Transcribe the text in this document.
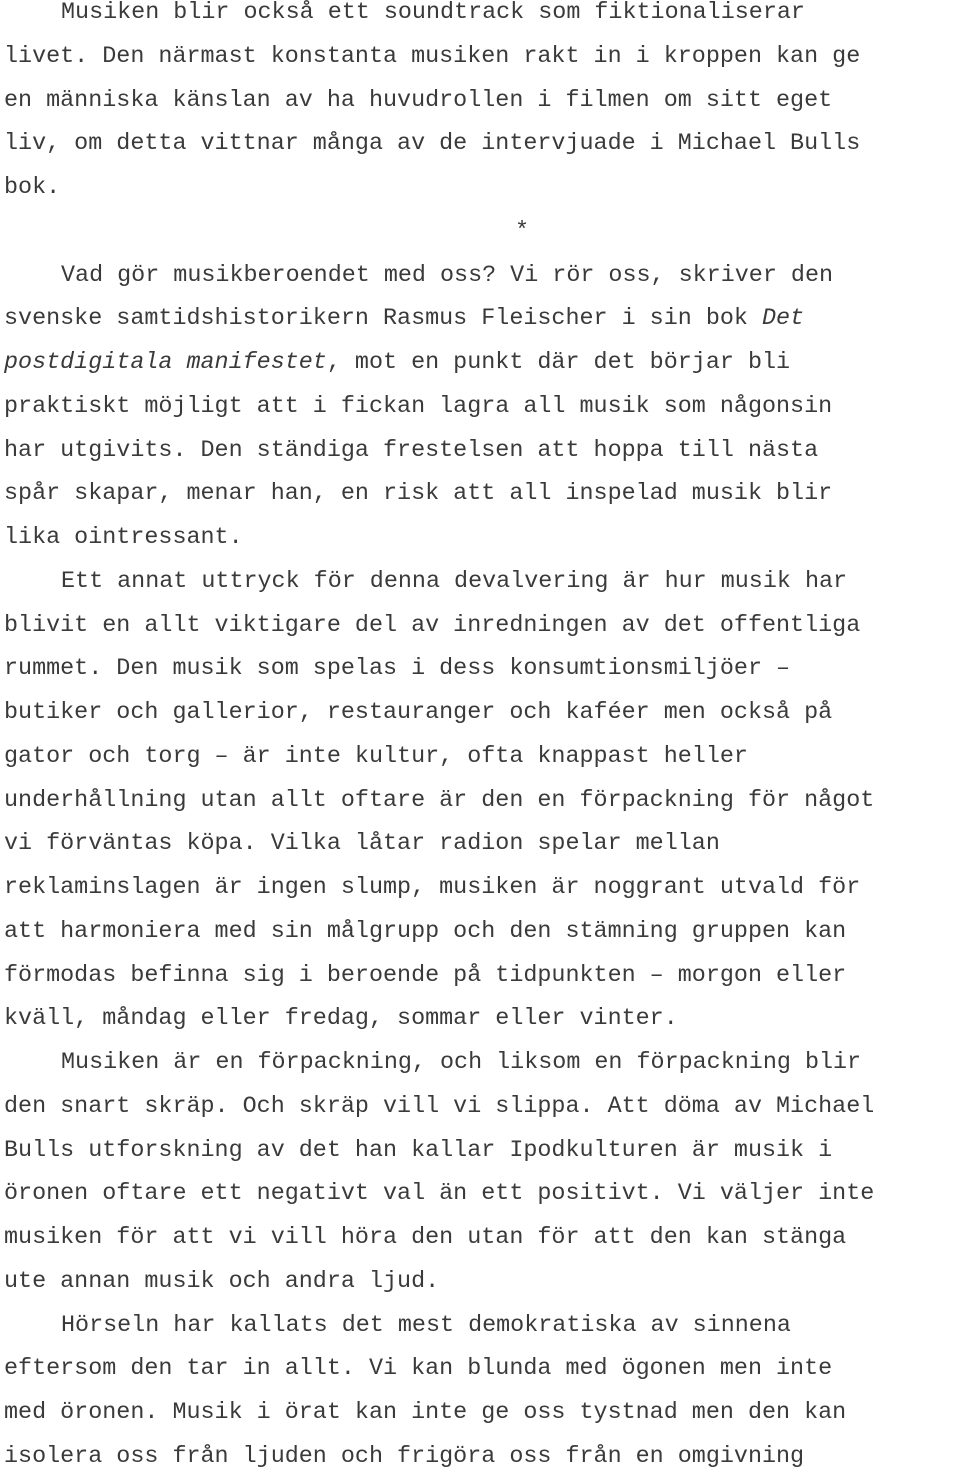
Musiken blir också ett soundtrack som fiktionaliserar
livet. Den närmast konstanta musiken rakt in i kroppen kan ge
en människa känslan av ha huvudrollen i filmen om sitt eget
liv, om detta vittnar många av de intervjuade i Michael Bulls
bok.
*
Vad gör musikberoendet med oss? Vi rör oss, skriver den
svenske samtidshistorikern Rasmus Fleischer i sin bok Det
postdigitala manifestet, mot en punkt där det börjar bli
praktiskt möjligt att i fickan lagra all musik som någonsin
har utgivits. Den ständiga frestelsen att hoppa till nästa
spår skapar, menar han, en risk att all inspelad musik blir
lika ointressant.
Ett annat uttryck för denna devalvering är hur musik har
blivit en allt viktigare del av inredningen av det offentliga
rummet. Den musik som spelas i dess konsumtionsmiljöer –
butiker och gallerior, restauranger och kaféer men också på
gator och torg – är inte kultur, ofta knappast heller
underhållning utan allt oftare är den en förpackning för något
vi förväntas köpa. Vilka låtar radion spelar mellan
reklaminslagen är ingen slump, musiken är noggrant utvald för
att harmoniera med sin målgrupp och den stämning gruppen kan
förmodas befinna sig i beroende på tidpunkten – morgon eller
kväll, måndag eller fredag, sommar eller vinter.
Musiken är en förpackning, och liksom en förpackning blir
den snart skräp. Och skräp vill vi slippa. Att döma av Michael
Bulls utforskning av det han kallar Ipodkulturen är musik i
öronen oftare ett negativt val än ett positivt. Vi väljer inte
musiken för att vi vill höra den utan för att den kan stänga
ute annan musik och andra ljud.
Hörseln har kallats det mest demokratiska av sinnena
eftersom den tar in allt. Vi kan blunda med ögonen men inte
med öronen. Musik i örat kan inte ge oss tystnad men den kan
isolera oss från ljuden och frigöra oss från en omgivning
